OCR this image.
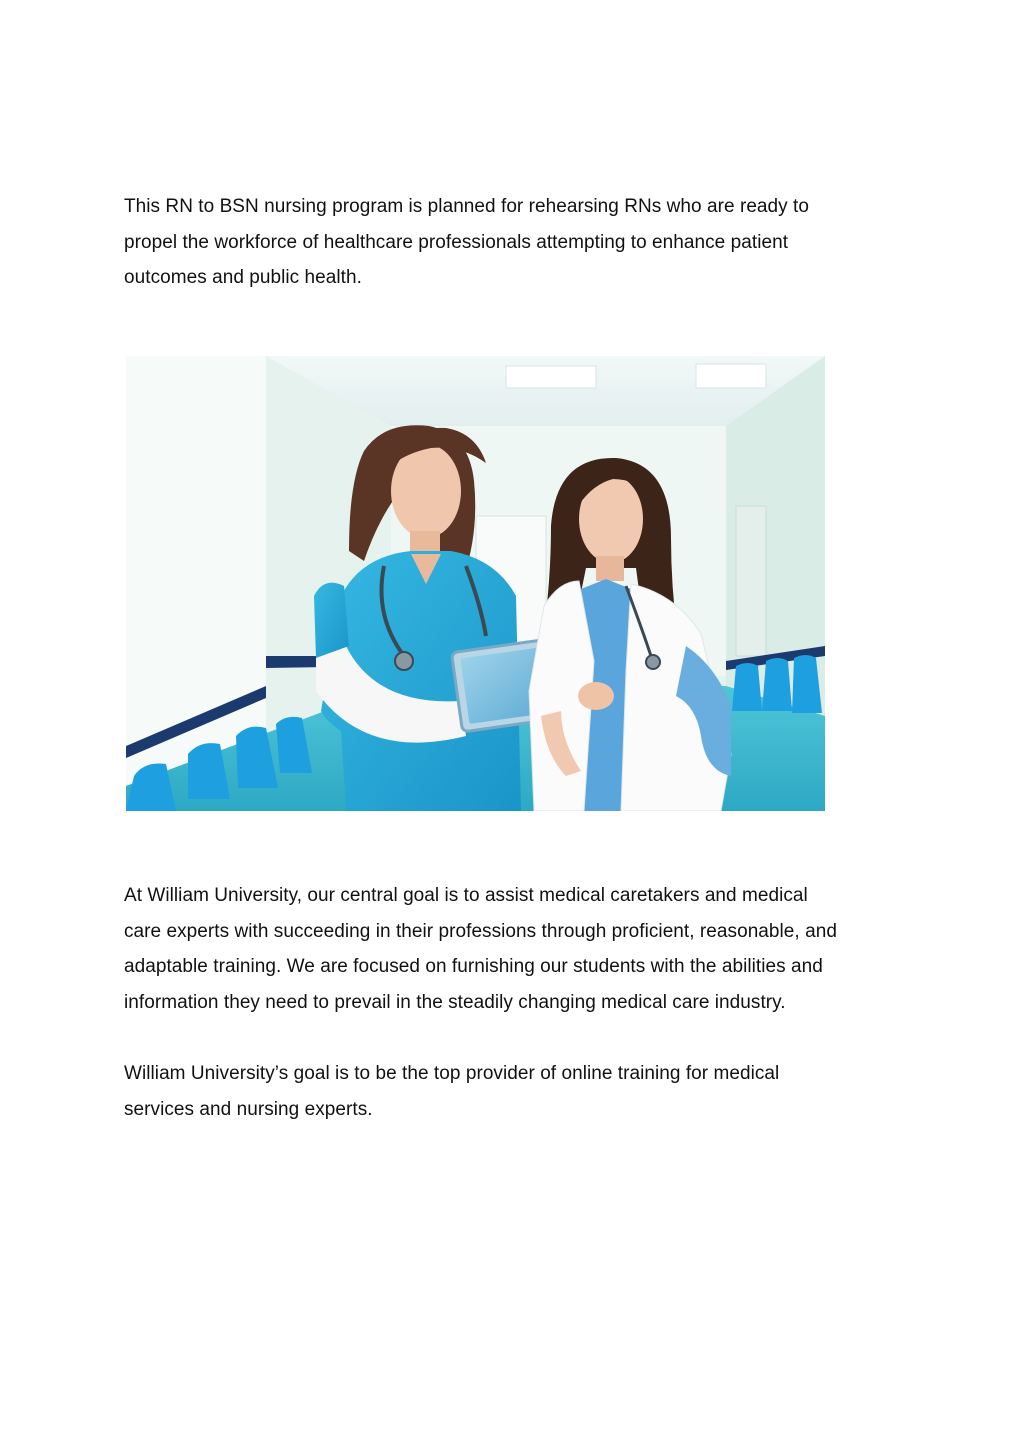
This RN to BSN nursing program is planned for rehearsing RNs who are ready to
propel the workforce of healthcare professionals attempting to enhance patient
outcomes and public health.

At William University, our central goal is to assist medical caretakers and medical
care experts with succeeding in their professions through proficient, reasonable, and
adaptable training. We are focused on furnishing our students with the abilities and
information they need to prevail in the steadily changing medical care industry.

William University’s goal is to be the top provider of online training for medical
services and nursing experts.
